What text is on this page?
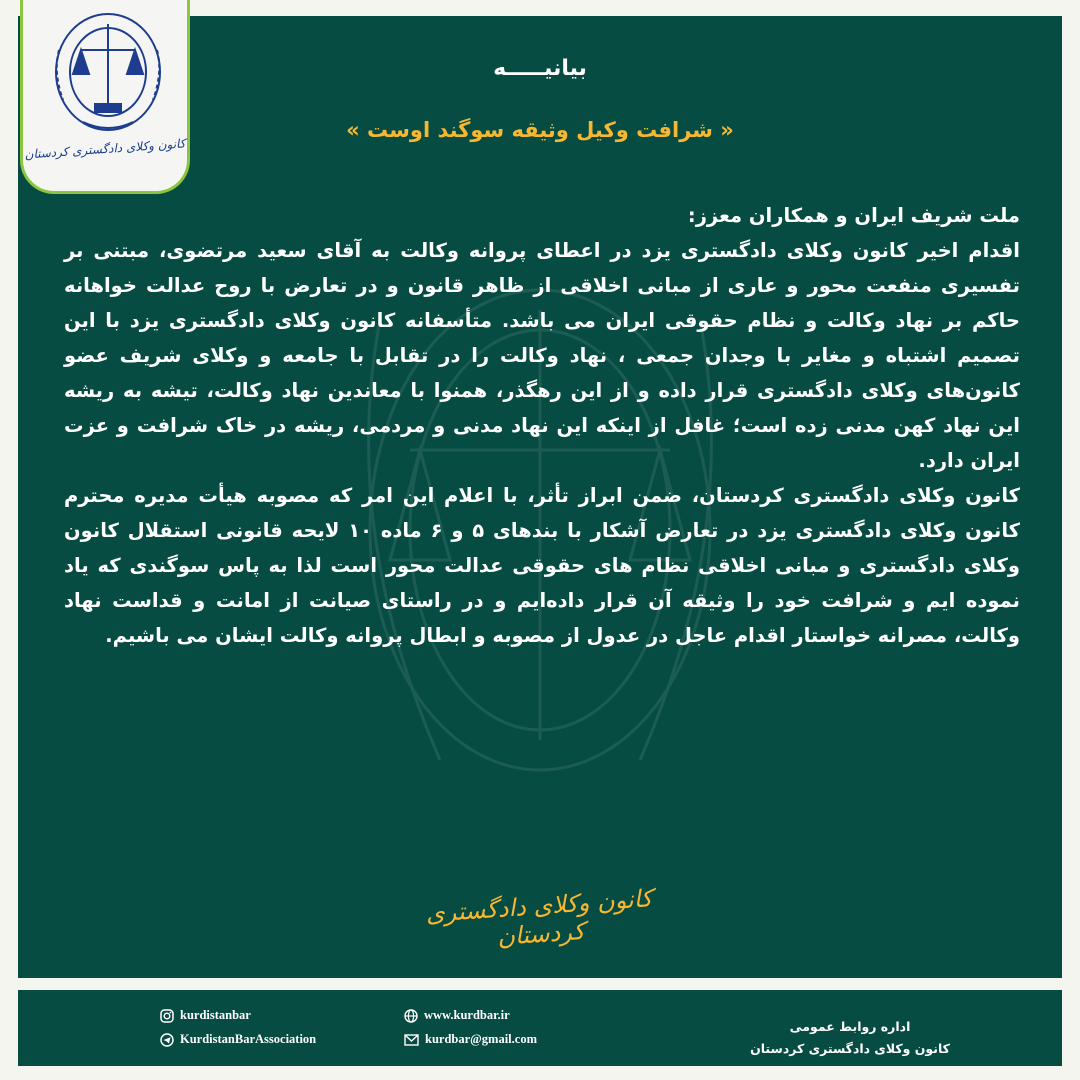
کانون وکلای دادگستری کردستان
بیانیـــــه
« شرافت وکیل وثیقه سوگند اوست »

ملت شریف ایران و همکاران معزز:

اقدام اخیر کانون وکلای دادگستری یزد در اعطای پروانه وکالت به آقای سعید مرتضوی، مبتنی بر تفسیری منفعت محور و عاری از مبانی اخلاقی از ظاهر قانون و در تعارض با روح عدالت خواهانه حاکم بر نهاد وکالت و نظام حقوقی ایران می باشد. متأسفانه کانون وکلای دادگستری یزد با این تصمیم اشتباه و مغایر با وجدان جمعی ، نهاد وکالت را در تقابل با جامعه و وکلای شریف عضو کانون‌های وکلای دادگستری قرار داده و از این رهگذر، همنوا با معاندین نهاد وکالت، تیشه به ریشه این نهاد کهن مدنی زده است؛ غافل از اینکه این نهاد مدنی و مردمی، ریشه در خاک شرافت و عزت ایران دارد.

کانون وکلای دادگستری کردستان، ضمن ابراز تأثر، با اعلام این امر که مصوبه هیأت مدیره محترم کانون وکلای دادگستری یزد در تعارض آشکار با بندهای ۵ و ۶ ماده ۱۰ لایحه قانونی استقلال کانون وکلای دادگستری و مبانی اخلاقی نظام های حقوقی عدالت محور است لذا به پاس سوگندی که یاد نموده ایم و شرافت خود را وثیقه آن قرار داده‌ایم و در راستای صیانت از امانت و قداست نهاد وکالت، مصرانه خواستار اقدام عاجل در عدول از مصوبه و ابطال پروانه وکالت ایشان می باشیم.

کانون وکلای دادگستری کردستان
kurdistanbar
KurdistanBarAssociation
www.kurdbar.ir
kurdbar@gmail.com
اداره روابط عمومی
کانون وکلای دادگستری کردستان
